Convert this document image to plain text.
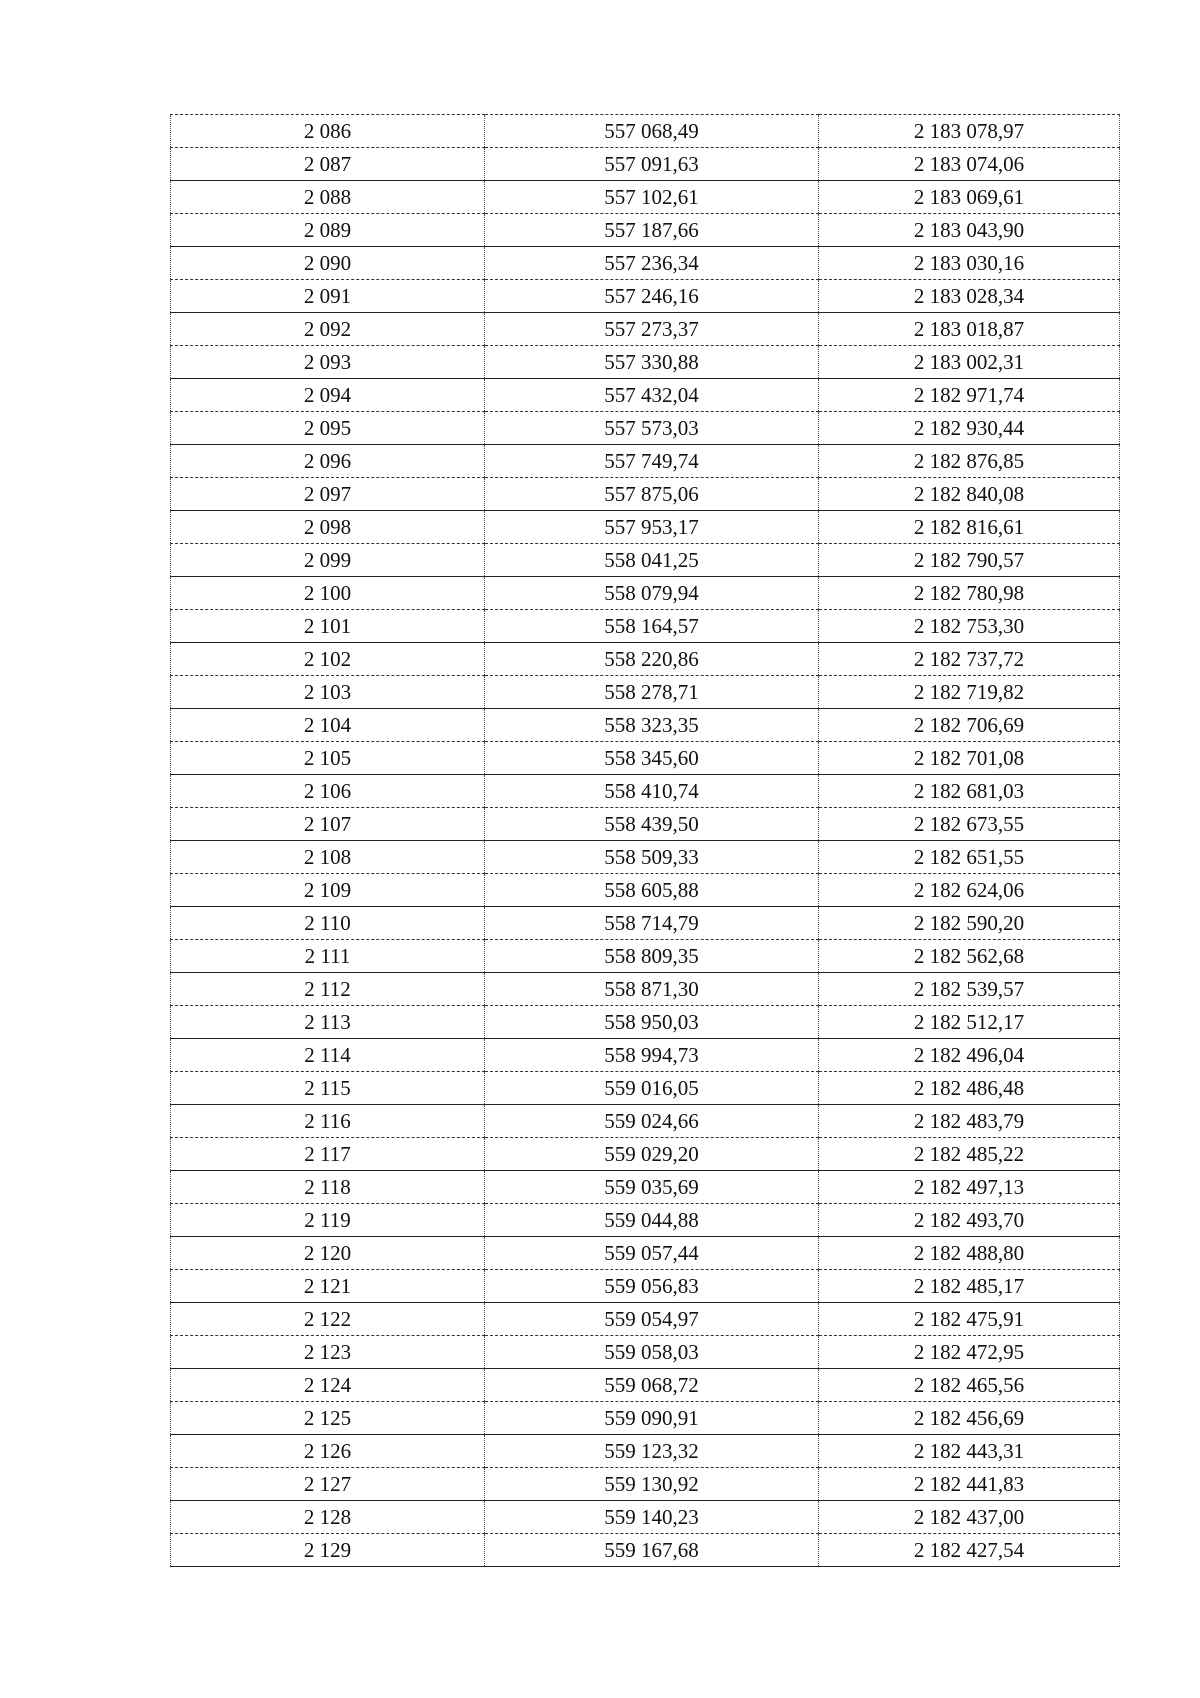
2 086	557 068,49	2 183 078,97
2 087	557 091,63	2 183 074,06
2 088	557 102,61	2 183 069,61
2 089	557 187,66	2 183 043,90
2 090	557 236,34	2 183 030,16
2 091	557 246,16	2 183 028,34
2 092	557 273,37	2 183 018,87
2 093	557 330,88	2 183 002,31
2 094	557 432,04	2 182 971,74
2 095	557 573,03	2 182 930,44
2 096	557 749,74	2 182 876,85
2 097	557 875,06	2 182 840,08
2 098	557 953,17	2 182 816,61
2 099	558 041,25	2 182 790,57
2 100	558 079,94	2 182 780,98
2 101	558 164,57	2 182 753,30
2 102	558 220,86	2 182 737,72
2 103	558 278,71	2 182 719,82
2 104	558 323,35	2 182 706,69
2 105	558 345,60	2 182 701,08
2 106	558 410,74	2 182 681,03
2 107	558 439,50	2 182 673,55
2 108	558 509,33	2 182 651,55
2 109	558 605,88	2 182 624,06
2 110	558 714,79	2 182 590,20
2 111	558 809,35	2 182 562,68
2 112	558 871,30	2 182 539,57
2 113	558 950,03	2 182 512,17
2 114	558 994,73	2 182 496,04
2 115	559 016,05	2 182 486,48
2 116	559 024,66	2 182 483,79
2 117	559 029,20	2 182 485,22
2 118	559 035,69	2 182 497,13
2 119	559 044,88	2 182 493,70
2 120	559 057,44	2 182 488,80
2 121	559 056,83	2 182 485,17
2 122	559 054,97	2 182 475,91
2 123	559 058,03	2 182 472,95
2 124	559 068,72	2 182 465,56
2 125	559 090,91	2 182 456,69
2 126	559 123,32	2 182 443,31
2 127	559 130,92	2 182 441,83
2 128	559 140,23	2 182 437,00
2 129	559 167,68	2 182 427,54
